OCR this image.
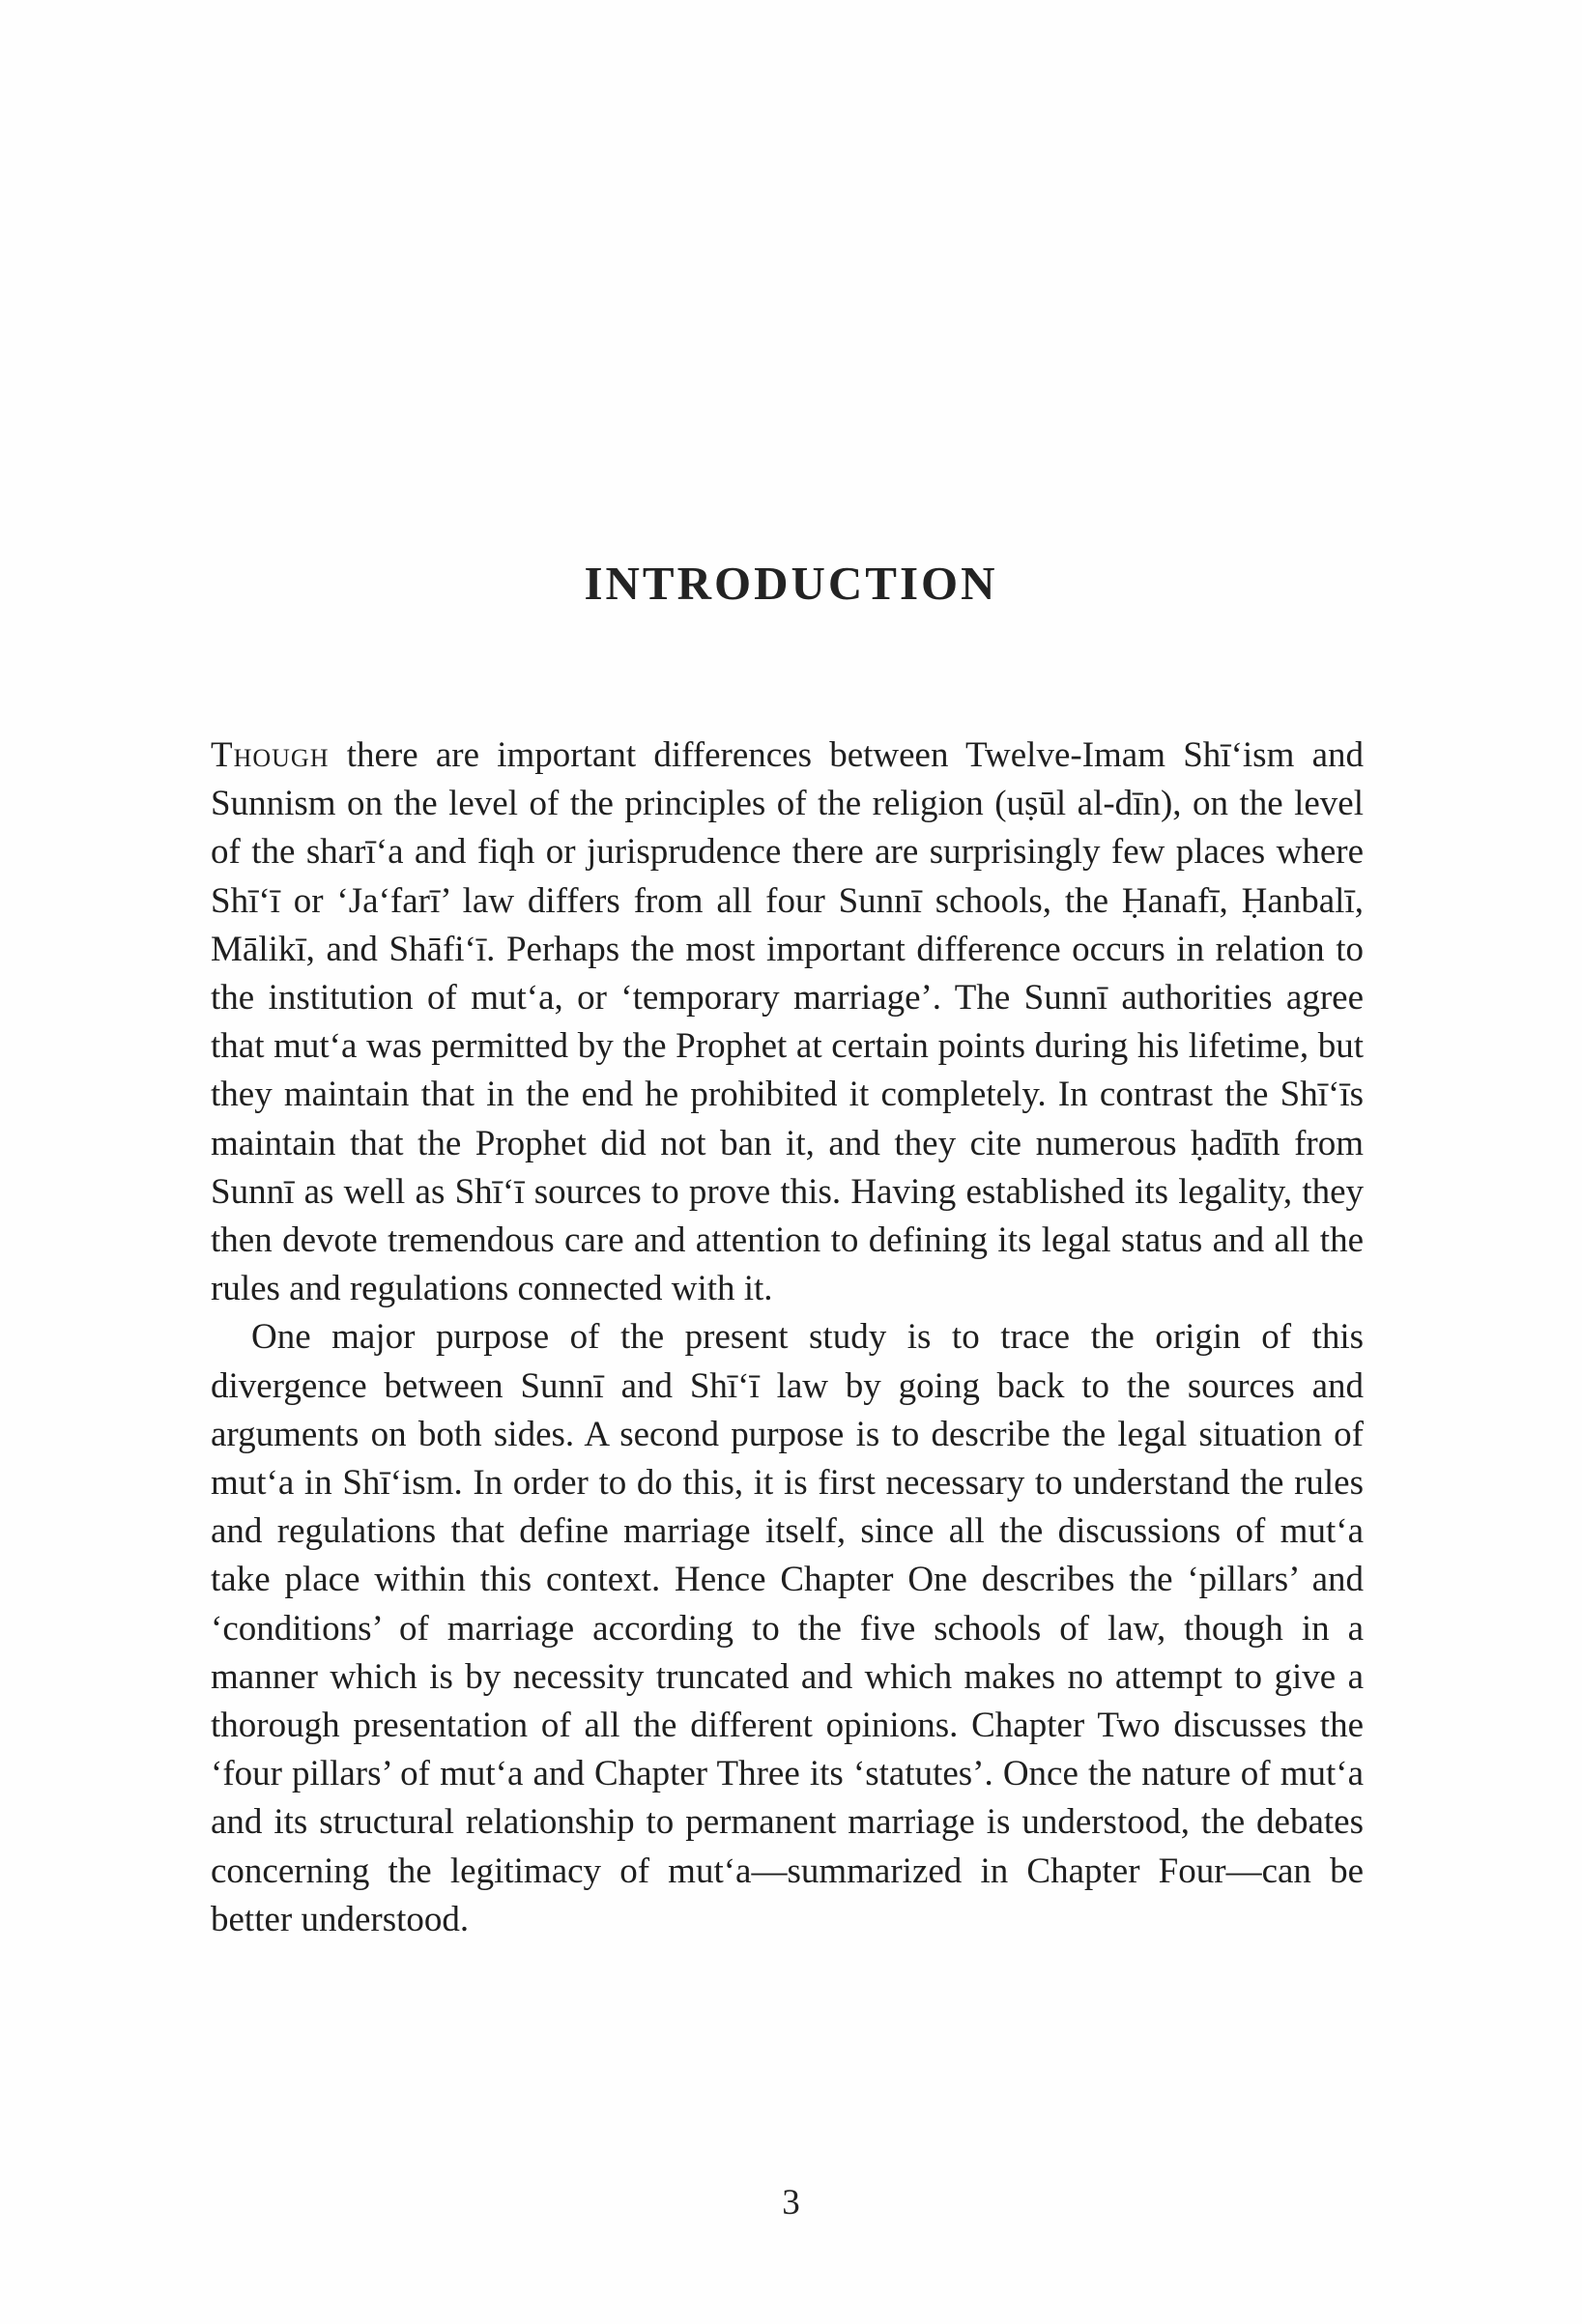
INTRODUCTION

Though there are important differences between Twelve-Imam Shī‘ism and Sunnism on the level of the principles of the religion (uṣūl al-dīn), on the level of the sharī‘a and fiqh or jurisprudence there are surprisingly few places where Shī‘ī or ‘Ja‘farī’ law differs from all four Sunnī schools, the Ḥanafī, Ḥanbalī, Mālikī, and Shāfi‘ī. Perhaps the most important difference occurs in relation to the institution of mut‘a, or ‘temporary marriage’. The Sunnī authorities agree that mut‘a was permitted by the Prophet at certain points during his lifetime, but they maintain that in the end he prohibited it completely. In contrast the Shī‘īs maintain that the Prophet did not ban it, and they cite numerous ḥadīth from Sunnī as well as Shī‘ī sources to prove this. Having established its legality, they then devote tremendous care and attention to defining its legal status and all the rules and regulations connected with it.

One major purpose of the present study is to trace the origin of this divergence between Sunnī and Shī‘ī law by going back to the sources and arguments on both sides. A second purpose is to describe the legal situation of mut‘a in Shī‘ism. In order to do this, it is first necessary to understand the rules and regulations that define marriage itself, since all the discussions of mut‘a take place within this context. Hence Chapter One describes the ‘pillars’ and ‘conditions’ of marriage according to the five schools of law, though in a manner which is by necessity truncated and which makes no attempt to give a thorough presentation of all the different opinions. Chapter Two discusses the ‘four pillars’ of mut‘a and Chapter Three its ‘statutes’. Once the nature of mut‘a and its structural relationship to permanent marriage is understood, the debates concerning the legitimacy of mut‘a—summarized in Chapter Four—can be better understood.

3
